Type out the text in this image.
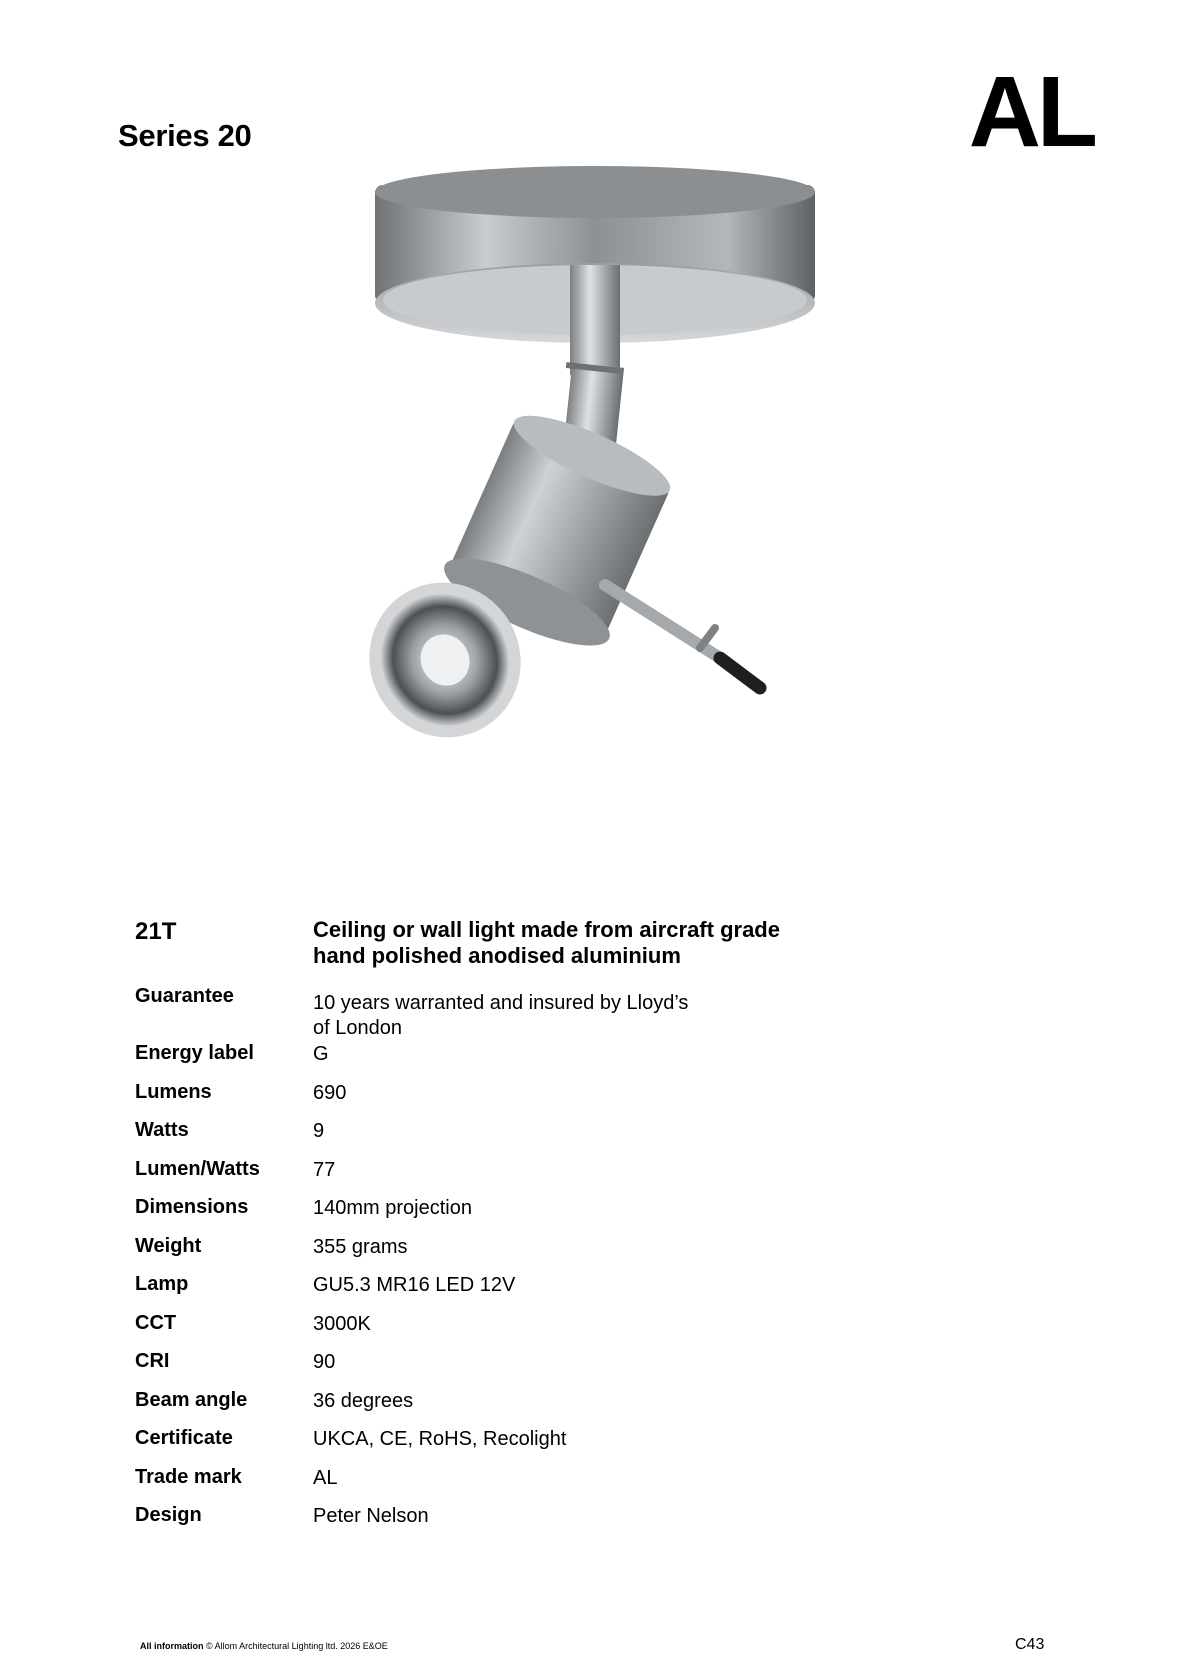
Series 20	AL
21T	Ceiling or wall light made from aircraft grade hand polished anodised aluminium
Guarantee	10 years warranted and insured by Lloyd’s of London
Energy label	G
Lumens	690
Watts	9
Lumen/Watts	77
Dimensions	140mm projection
Weight	355 grams
Lamp	GU5.3 MR16 LED 12V
CCT	3000K
CRI	90
Beam angle	36 degrees
Certificate	UKCA, CE, RoHS, Recolight
Trade mark	AL
Design	Peter Nelson
All information © Allom Architectural Lighting ltd. 2026 E&OE	C43
